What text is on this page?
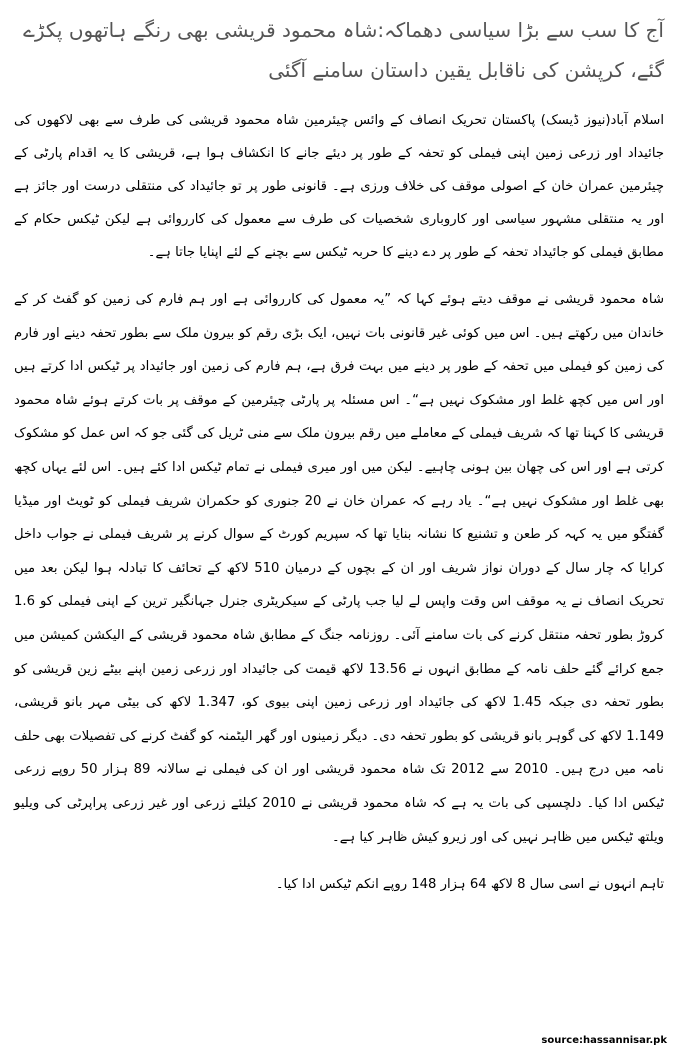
آج کا سب سے بڑا سیاسی دھماکہ:شاہ محمود قریشی بھی رنگے ہاتھوں پکڑے گئے، کرپشن کی ناقابل یقین داستان سامنے آگئی
اسلام آباد(نیوز ڈیسک) پاکستان تحریک انصاف کے وائس چیئرمین شاہ محمود قریشی کی طرف سے بھی لاکھوں کی جائیداد اور زرعی زمین اپنی فیملی کو تحفہ کے طور پر دیئے جانے کا انکشاف ہوا ہے، قریشی کا یہ اقدام پارٹی کے چیئرمین عمران خان کے اصولی موقف کی خلاف ورزی ہے۔ قانونی طور پر تو جائیداد کی منتقلی درست اور جائز ہے اور یہ منتقلی مشہور سیاسی اور کاروباری شخصیات کی طرف سے معمول کی کارروائی ہے لیکن ٹیکس حکام کے مطابق فیملی کو جائیداد تحفہ کے طور پر دے دینے کا حربہ ٹیکس سے بچنے کے لئے اپنایا جاتا ہے۔
شاہ محمود قریشی نے موقف دیتے ہوئے کہا کہ ”یہ معمول کی کارروائی ہے اور ہم فارم کی زمین کو گفٹ کر کے خاندان میں رکھتے ہیں۔ اس میں کوئی غیر قانونی بات نہیں، ایک بڑی رقم کو بیرون ملک سے بطور تحفہ دینے اور فارم کی زمین کو فیملی میں تحفہ کے طور پر دینے میں بہت فرق ہے، ہم فارم کی زمین اور جائیداد پر ٹیکس ادا کرتے ہیں اور اس میں کچھ غلط اور مشکوک نہیں ہے“۔ اس مسئلہ پر پارٹی چیئرمین کے موقف پر بات کرتے ہوئے شاہ محمود قریشی کا کہنا تھا کہ شریف فیملی کے معاملے میں رقم بیرون ملک سے منی ٹریل کی گئی جو کہ اس عمل کو مشکوک کرتی ہے اور اس کی چھان بین ہونی چاہیے۔ لیکن میں اور میری فیملی نے تمام ٹیکس ادا کئے ہیں۔ اس لئے یہاں کچھ بھی غلط اور مشکوک نہیں ہے“۔ یاد رہے کہ عمران خان نے 20 جنوری کو حکمران شریف فیملی کو ٹویٹ اور میڈیا گفتگو میں یہ کہہ کر طعن و تشنیع کا نشانہ بنایا تھا کہ سپریم کورٹ کے سوال کرنے پر شریف فیملی نے جواب داخل کرایا کہ چار سال کے دوران نواز شریف اور ان کے بچوں کے درمیان 510 لاکھ کے تحائف کا تبادلہ ہوا لیکن بعد میں تحریک انصاف نے یہ موقف اس وقت واپس لے لیا جب پارٹی کے سیکریٹری جنرل جہانگیر ترین کے اپنی فیملی کو 1.6 کروڑ بطور تحفہ منتقل کرنے کی بات سامنے آئی۔ روزنامہ جنگ کے مطابق شاہ محمود قریشی کے الیکشن کمیشن میں جمع کرائے گئے حلف نامہ کے مطابق انہوں نے 13.56 لاکھ قیمت کی جائیداد اور زرعی زمین اپنے بیٹے زین قریشی کو بطور تحفہ دی جبکہ 1.45 لاکھ کی جائیداد اور زرعی زمین اپنی بیوی کو، 1.347 لاکھ کی بیٹی مہر بانو قریشی، 1.149 لاکھ کی گوہر بانو قریشی کو بطور تحفہ دی۔ دیگر زمینوں اور گھر الیٹمنہ کو گفٹ کرنے کی تفصیلات بھی حلف نامہ میں درج ہیں۔ 2010 سے 2012 تک شاہ محمود قریشی اور ان کی فیملی نے سالانہ 89 ہزار 50 روپے زرعی ٹیکس ادا کیا۔ دلچسپی کی بات یہ ہے کہ شاہ محمود قریشی نے 2010 کیلئے زرعی اور غیر زرعی پراپرٹی کی ویلیو ویلتھ ٹیکس میں ظاہر نہیں کی اور زیرو کیش ظاہر کیا ہے۔
تاہم انہوں نے اسی سال 8 لاکھ 64 ہزار 148 روپے انکم ٹیکس ادا کیا۔
source:hassannisar.pk
